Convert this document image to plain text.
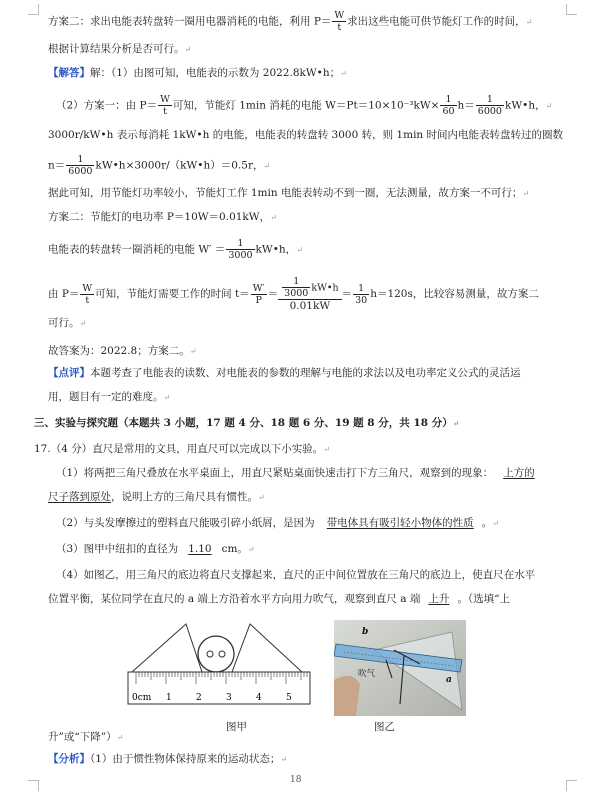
方案二：求出电能表转盘转一圈用电器消耗的电能，利用 $P= \frac{W}{t}$ 求出这些电能可供节能灯工作的时间，↵
根据计算结果分析是否可行。↵
【解答】解：（1）由图可知，电能表的示数为 2022.8kW•h；↵
（2）方案一：由 $P= \frac{W}{t}$ 可知，节能灯 1min 消耗的电能 $W=Pt=10\times 10^{-3}kW\times \frac{1}{60} h= \frac{1}{6000}$ kW•h，↵
3000r/kW•h 表示每消耗 1kW•h 的电能，电能表的转盘转 3000 转，则 1min 时间内电能表转盘转过的圈数
$n= \frac{1}{6000}$ kW•h×3000r/（kW•h）＝0.5r，↵
据此可知，用节能灯功率较小，节能灯工作 1min 电能表转动不到一圈，无法测量，故方案一不可行；↵
方案二：节能灯的电功率 P＝10W＝0.01kW，↵
电能表的转盘转一圈消耗的电能 $W' = \frac{1}{3000}$ kW•h，↵
由 $P= \frac{W}{t}$ 可知，节能灯需要工作的时间 $t= \frac{W'}{P} = \frac{\frac{1}{3000} kW•h}{0.01kW} = \frac{1}{30} h=120s$，比较容易测量，故方案二
可行。↵
故答案为：2022.8；方案二。↵
【点评】本题考查了电能表的读数、对电能表的参数的理解与电能的求法以及电功率定义公式的灵活运
用，题目有一定的难度。↵
三、实验与探究题（本题共 3 小题，17 题 4 分、18 题 6 分、19 题 8 分，共 18 分）↵
17.（4 分）直尺是常用的文具，用直尺可以完成以下小实验。↵
（1）将两把三角尺叠放在水平桌面上，用直尺紧贴桌面快速击打下方三角尺，观察到的现象： 上方的
尺子落到原处，说明上方的三角尺具有惯性。↵
（2）与头发摩擦过的塑料直尺能吸引碎小纸屑，是因为 带电体具有吸引轻小物体的性质 。↵
（3）图甲中纽扣的直径为 1.10 cm。↵
（4）如图乙，用三角尺的底边将直尺支撑起来，直尺的正中间位置放在三角尺的底边上，使直尺在水平
位置平衡，某位同学在直尺的 a 端上方沿着水平方向用力吹气，观察到直尺 a 端 上升 。（选填“上
0cm 1	2	3	4	5
图甲
b
a
吹气
图乙
升”或“下降”）↵
【分析】（1）由于惯性物体保持原来的运动状态；↵
18
